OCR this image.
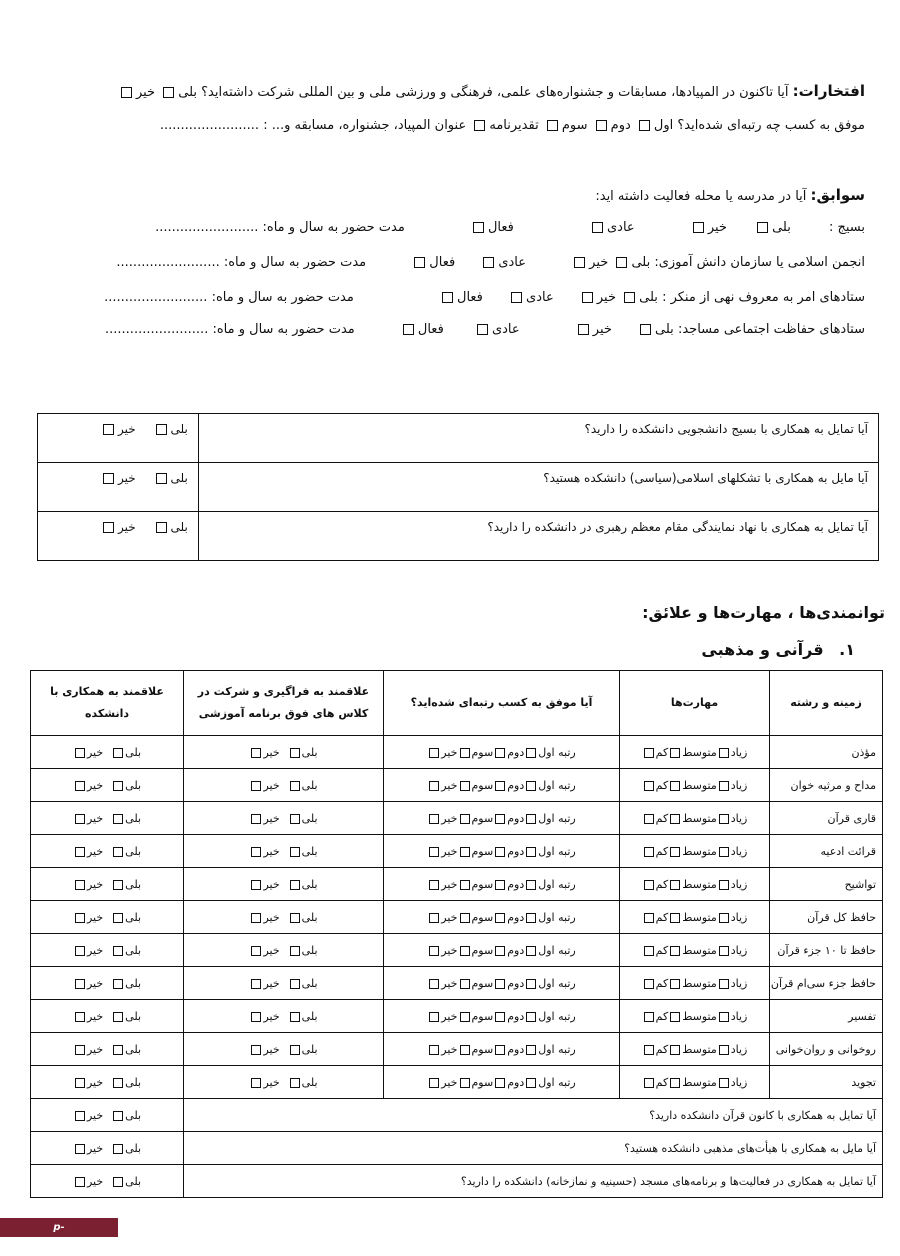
افتخارات: آیا تاکنون در المپیادها، مسابقات و جشنواره‌های علمی، فرهنگی و ورزشی ملی و بین المللی شرکت داشته‌اید؟ بلی خیر
موفق به کسب چه رتبه‌ای شده‌اید؟ اول دوم سوم تقدیرنامه عنوان المپیاد، جشنواره، مسابقه و... : ........................
سوابق: آیا در مدرسه یا محله فعالیت داشته اید:
بسیج : بلی خیر عادی فعال مدت حضور به سال و ماه: .........................
انجمن اسلامی یا سازمان دانش آموزی: بلی خیر عادی فعال مدت حضور به سال و ماه: .........................
ستادهای امر به معروف نهی از منکر : بلی خیر عادی فعال مدت حضور به سال و ماه: .........................
ستادهای حفاظت اجتماعی مساجد: بلی خیر عادی فعال مدت حضور به سال و ماه: .........................
آیا تمایل به همکاری با بسیج دانشجویی دانشکده را دارید؟	بلی خیر
آیا مایل به همکاری با تشکلهای اسلامی(سیاسی) دانشکده هستید؟	بلی خیر
آیا تمایل به همکاری با نهاد نمایندگی مقام معظم رهبری در دانشکده را دارید؟	بلی خیر
توانمندی‌ها ، مهارت‌ها و علائق:
۱. قرآنی و مذهبی
زمینه و رشته	مهارت‌ها	آیا موفق به کسب رتبه‌ای شده‌اید؟	علاقمند به فراگیری و شرکت در کلاس های فوق برنامه آموزشی	علاقمند به همکاری با دانشکده
مؤذن	زیادمتوسطکم	رتبه اولدومسومخیر	بلیخیر	بلیخیر
مداح و مرثیه خوان	زیادمتوسطکم	رتبه اولدومسومخیر	بلیخیر	بلیخیر
قاری قرآن	زیادمتوسطکم	رتبه اولدومسومخیر	بلیخیر	بلیخیر
قرائت ادعیه	زیادمتوسطکم	رتبه اولدومسومخیر	بلیخیر	بلیخیر
تواشیح	زیادمتوسطکم	رتبه اولدومسومخیر	بلیخیر	بلیخیر
حافظ کل قرآن	زیادمتوسطکم	رتبه اولدومسومخیر	بلیخیر	بلیخیر
حافظ تا ۱۰ جزء قرآن	زیادمتوسطکم	رتبه اولدومسومخیر	بلیخیر	بلیخیر
حافظ جزء سی‌ام قرآن	زیادمتوسطکم	رتبه اولدومسومخیر	بلیخیر	بلیخیر
تفسیر	زیادمتوسطکم	رتبه اولدومسومخیر	بلیخیر	بلیخیر
روخوانی و روان‌خوانی	زیادمتوسطکم	رتبه اولدومسومخیر	بلیخیر	بلیخیر
تجوید	زیادمتوسطکم	رتبه اولدومسومخیر	بلیخیر	بلیخیر
آیا تمایل به همکاری با کانون قرآن دانشکده دارید؟				بلیخیر
آیا مایل به همکاری با هیأت‌های مذهبی دانشکده هستید؟				بلیخیر
آیا تمایل به همکاری در فعالیت‌ها و برنامه‌های مسجد (حسینیه و نمازخانه) دانشکده را دارید؟				بلیخیر
p-estahban.sums.ac.ir
